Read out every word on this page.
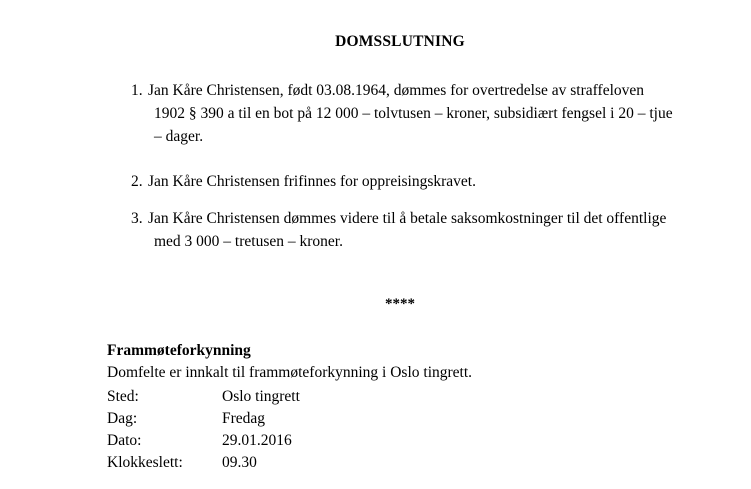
DOMSSLUTNING
1. Jan Kåre Christensen, født 03.08.1964, dømmes for overtredelse av straffeloven
1902 § 390 a til en bot på 12 000 – tolvtusen – kroner, subsidiært fengsel i 20 – tjue
– dager.
2. Jan Kåre Christensen frifinnes for oppreisingskravet.
3. Jan Kåre Christensen dømmes videre til å betale saksomkostninger til det offentlige
med 3 000 – tretusen – kroner.
****
Frammøteforkynning
Domfelte er innkalt til frammøteforkynning i Oslo tingrett.
Sted:	Oslo tingrett
Dag:	Fredag
Dato:	29.01.2016
Klokkeslett:	09.30
